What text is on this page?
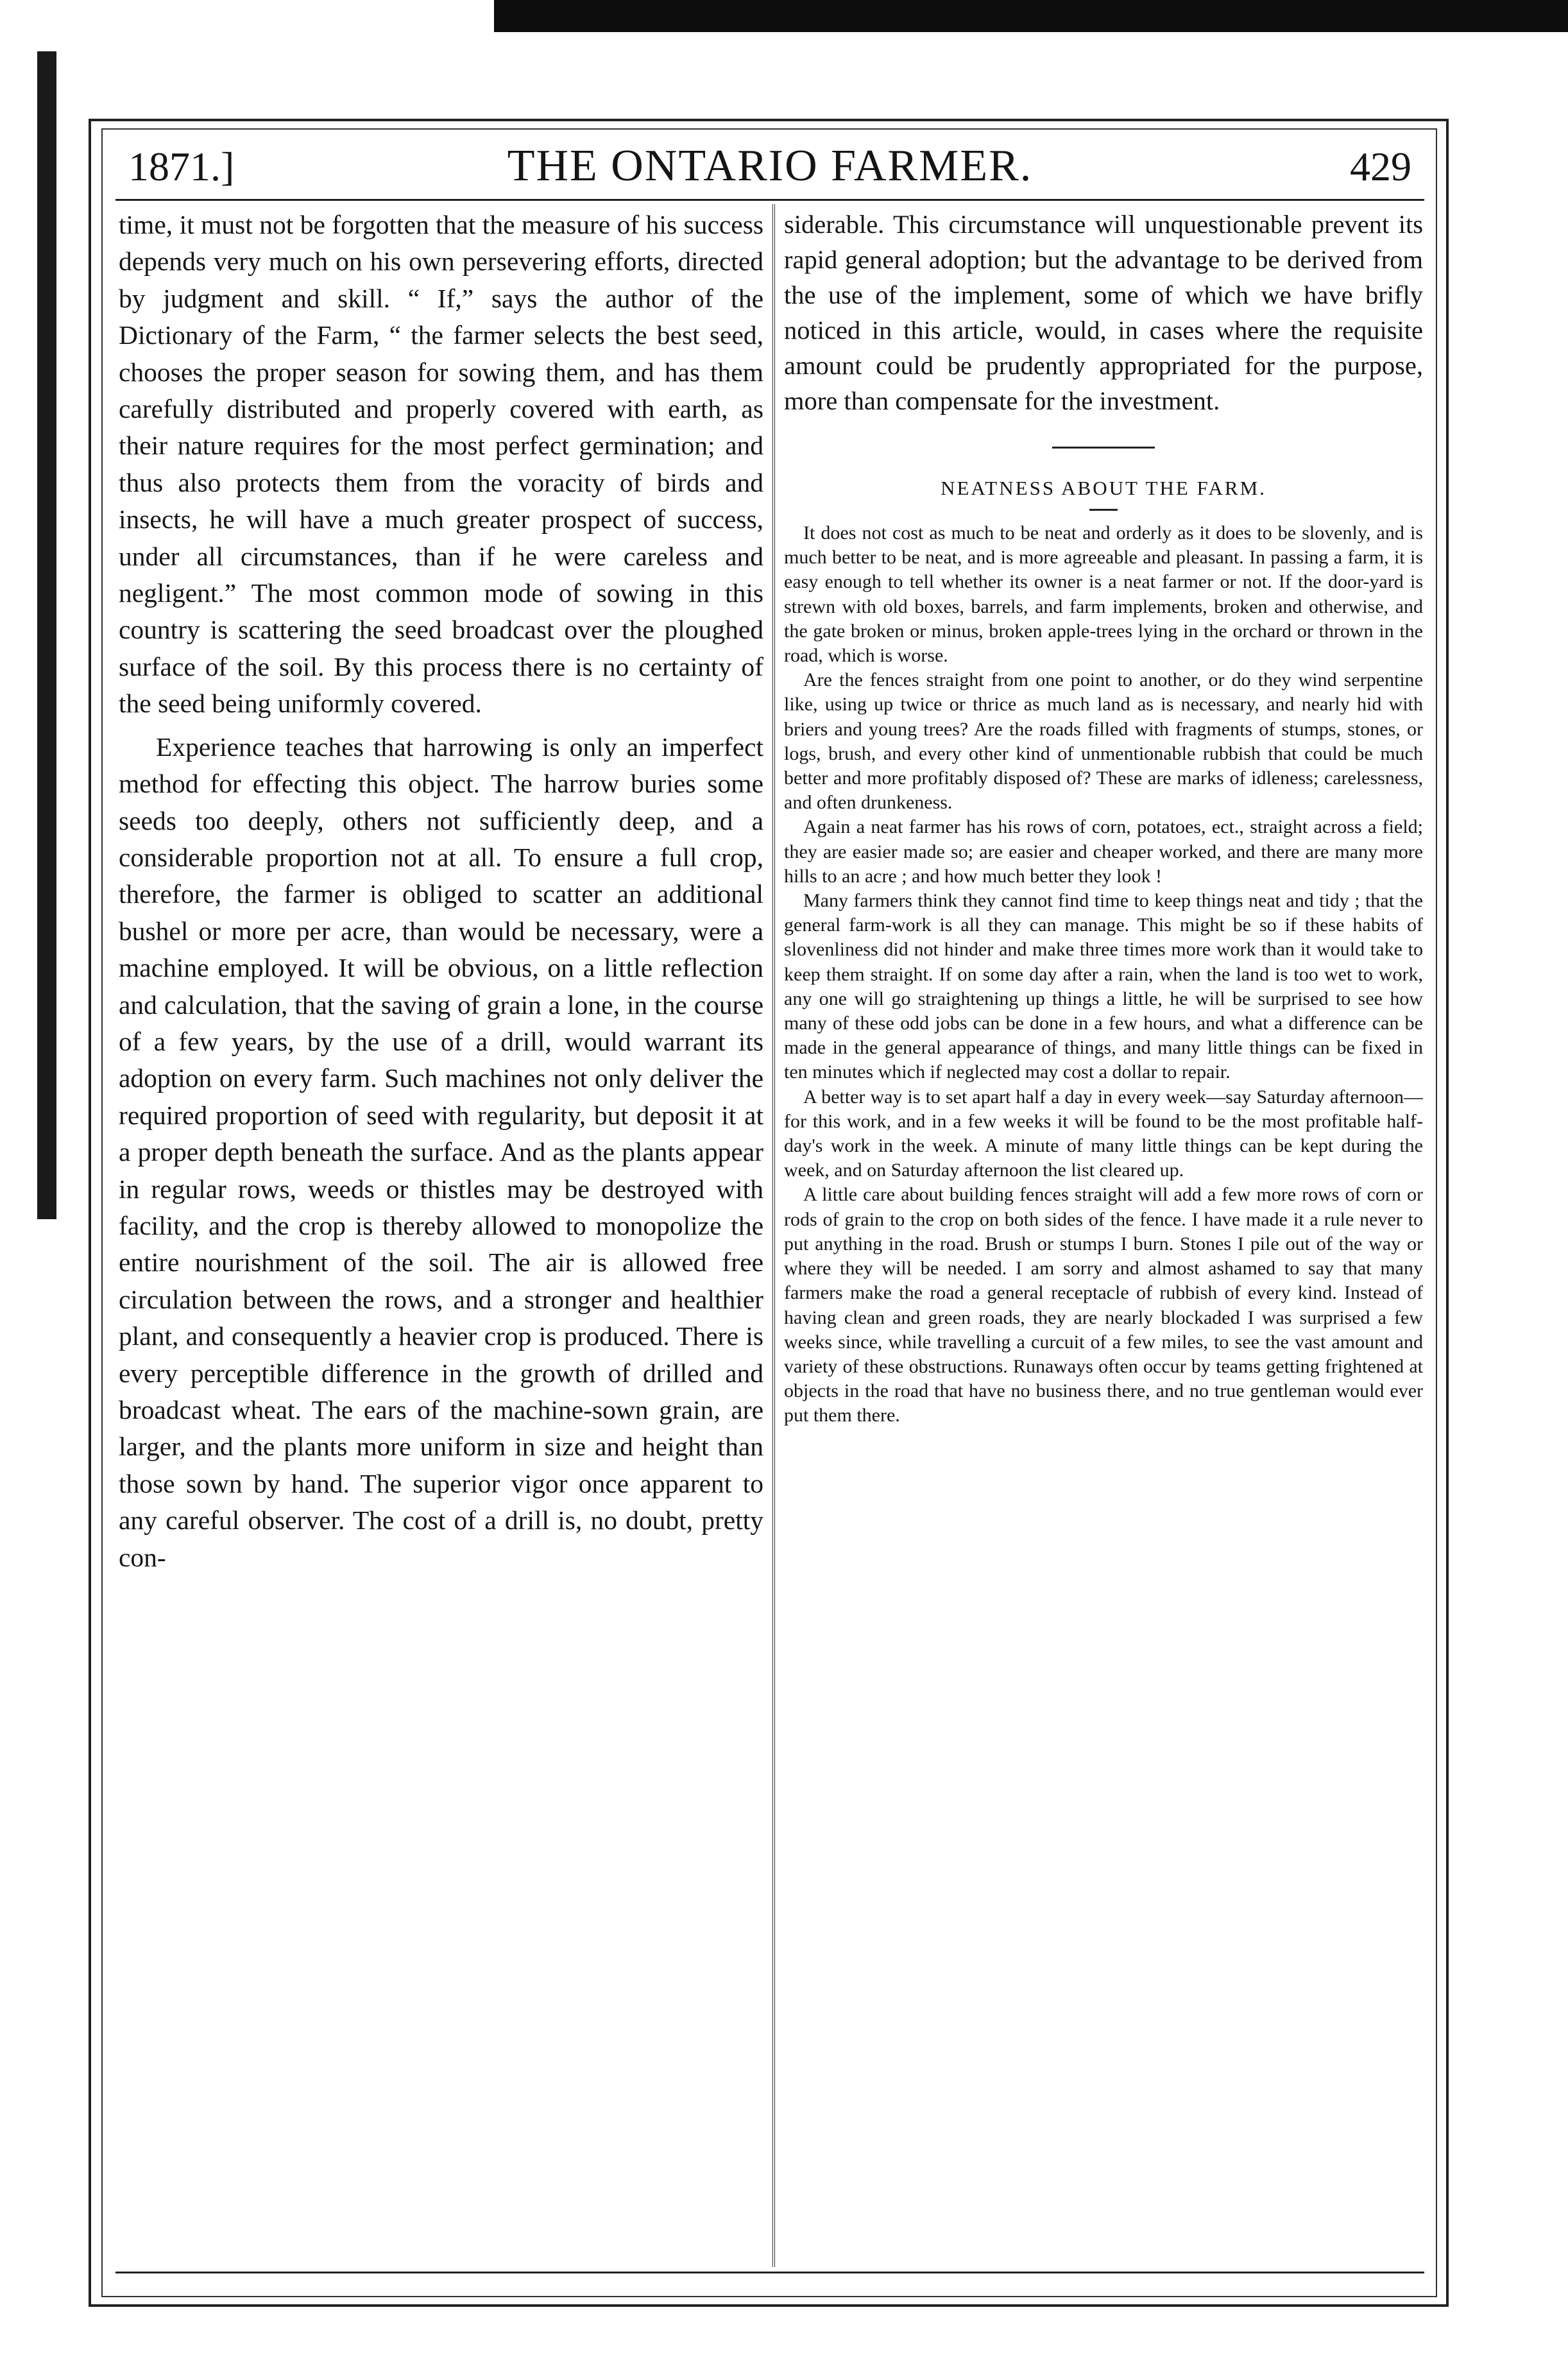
1871.]	THE ONTARIO FARMER.	429

time, it must not be forgotten that the measure of his success depends very much on his own persevering efforts, directed by judgment and skill. “ If,” says the author of the Dictionary of the Farm, “ the farmer selects the best seed, chooses the proper season for sowing them, and has them carefully distributed and properly covered with earth, as their nature requires for the most perfect germination; and thus also protects them from the voracity of birds and insects, he will have a much greater prospect of success, under all circumstances, than if he were careless and negligent.” The most common mode of sowing in this country is scattering the seed broadcast over the ploughed surface of the soil. By this process there is no certainty of the seed being uniformly covered.

Experience teaches that harrowing is only an imperfect method for effecting this object. The harrow buries some seeds too deeply, others not sufficiently deep, and a considerable proportion not at all. To ensure a full crop, therefore, the farmer is obliged to scatter an additional bushel or more per acre, than would be necessary, were a machine employed. It will be obvious, on a little reflection and calculation, that the saving of grain a lone, in the course of a few years, by the use of a drill, would warrant its adoption on every farm. Such machines not only deliver the required proportion of seed with regularity, but deposit it at a proper depth beneath the surface. And as the plants appear in regular rows, weeds or thistles may be destroyed with facility, and the crop is thereby allowed to monopolize the entire nourishment of the soil. The air is allowed free circulation between the rows, and a stronger and healthier plant, and consequently a heavier crop is produced. There is every perceptible difference in the growth of drilled and broadcast wheat. The ears of the machine-sown grain, are larger, and the plants more uniform in size and height than those sown by hand. The superior vigor once apparent to any careful observer. The cost of a drill is, no doubt, pretty con-

siderable. This circumstance will unquestionable prevent its rapid general adoption; but the advantage to be derived from the use of the implement, some of which we have brifly noticed in this article, would, in cases where the requisite amount could be prudently appropriated for the purpose, more than compensate for the investment.

NEATNESS ABOUT THE FARM.

It does not cost as much to be neat and orderly as it does to be slovenly, and is much better to be neat, and is more agreeable and pleasant. In passing a farm, it is easy enough to tell whether its owner is a neat farmer or not. If the door-yard is strewn with old boxes, barrels, and farm implements, broken and otherwise, and the gate broken or minus, broken apple-trees lying in the orchard or thrown in the road, which is worse.

Are the fences straight from one point to another, or do they wind serpentine like, using up twice or thrice as much land as is necessary, and nearly hid with briers and young trees? Are the roads filled with fragments of stumps, stones, or logs, brush, and every other kind of unmentionable rubbish that could be much better and more profitably disposed of? These are marks of idleness; carelessness, and often drunkeness.

Again a neat farmer has his rows of corn, potatoes, ect., straight across a field; they are easier made so; are easier and cheaper worked, and there are many more hills to an acre ; and how much better they look !

Many farmers think they cannot find time to keep things neat and tidy ; that the general farm-work is all they can manage. This might be so if these habits of slovenliness did not hinder and make three times more work than it would take to keep them straight. If on some day after a rain, when the land is too wet to work, any one will go straightening up things a little, he will be surprised to see how many of these odd jobs can be done in a few hours, and what a difference can be made in the general appearance of things, and many little things can be fixed in ten minutes which if neglected may cost a dollar to repair.

A better way is to set apart half a day in every week—say Saturday afternoon—for this work, and in a few weeks it will be found to be the most profitable half-day's work in the week. A minute of many little things can be kept during the week, and on Saturday afternoon the list cleared up.

A little care about building fences straight will add a few more rows of corn or rods of grain to the crop on both sides of the fence. I have made it a rule never to put anything in the road. Brush or stumps I burn. Stones I pile out of the way or where they will be needed. I am sorry and almost ashamed to say that many farmers make the road a general receptacle of rubbish of every kind. Instead of having clean and green roads, they are nearly blockaded I was surprised a few weeks since, while travelling a curcuit of a few miles, to see the vast amount and variety of these obstructions. Runaways often occur by teams getting frightened at objects in the road that have no business there, and no true gentleman would ever put them there.
